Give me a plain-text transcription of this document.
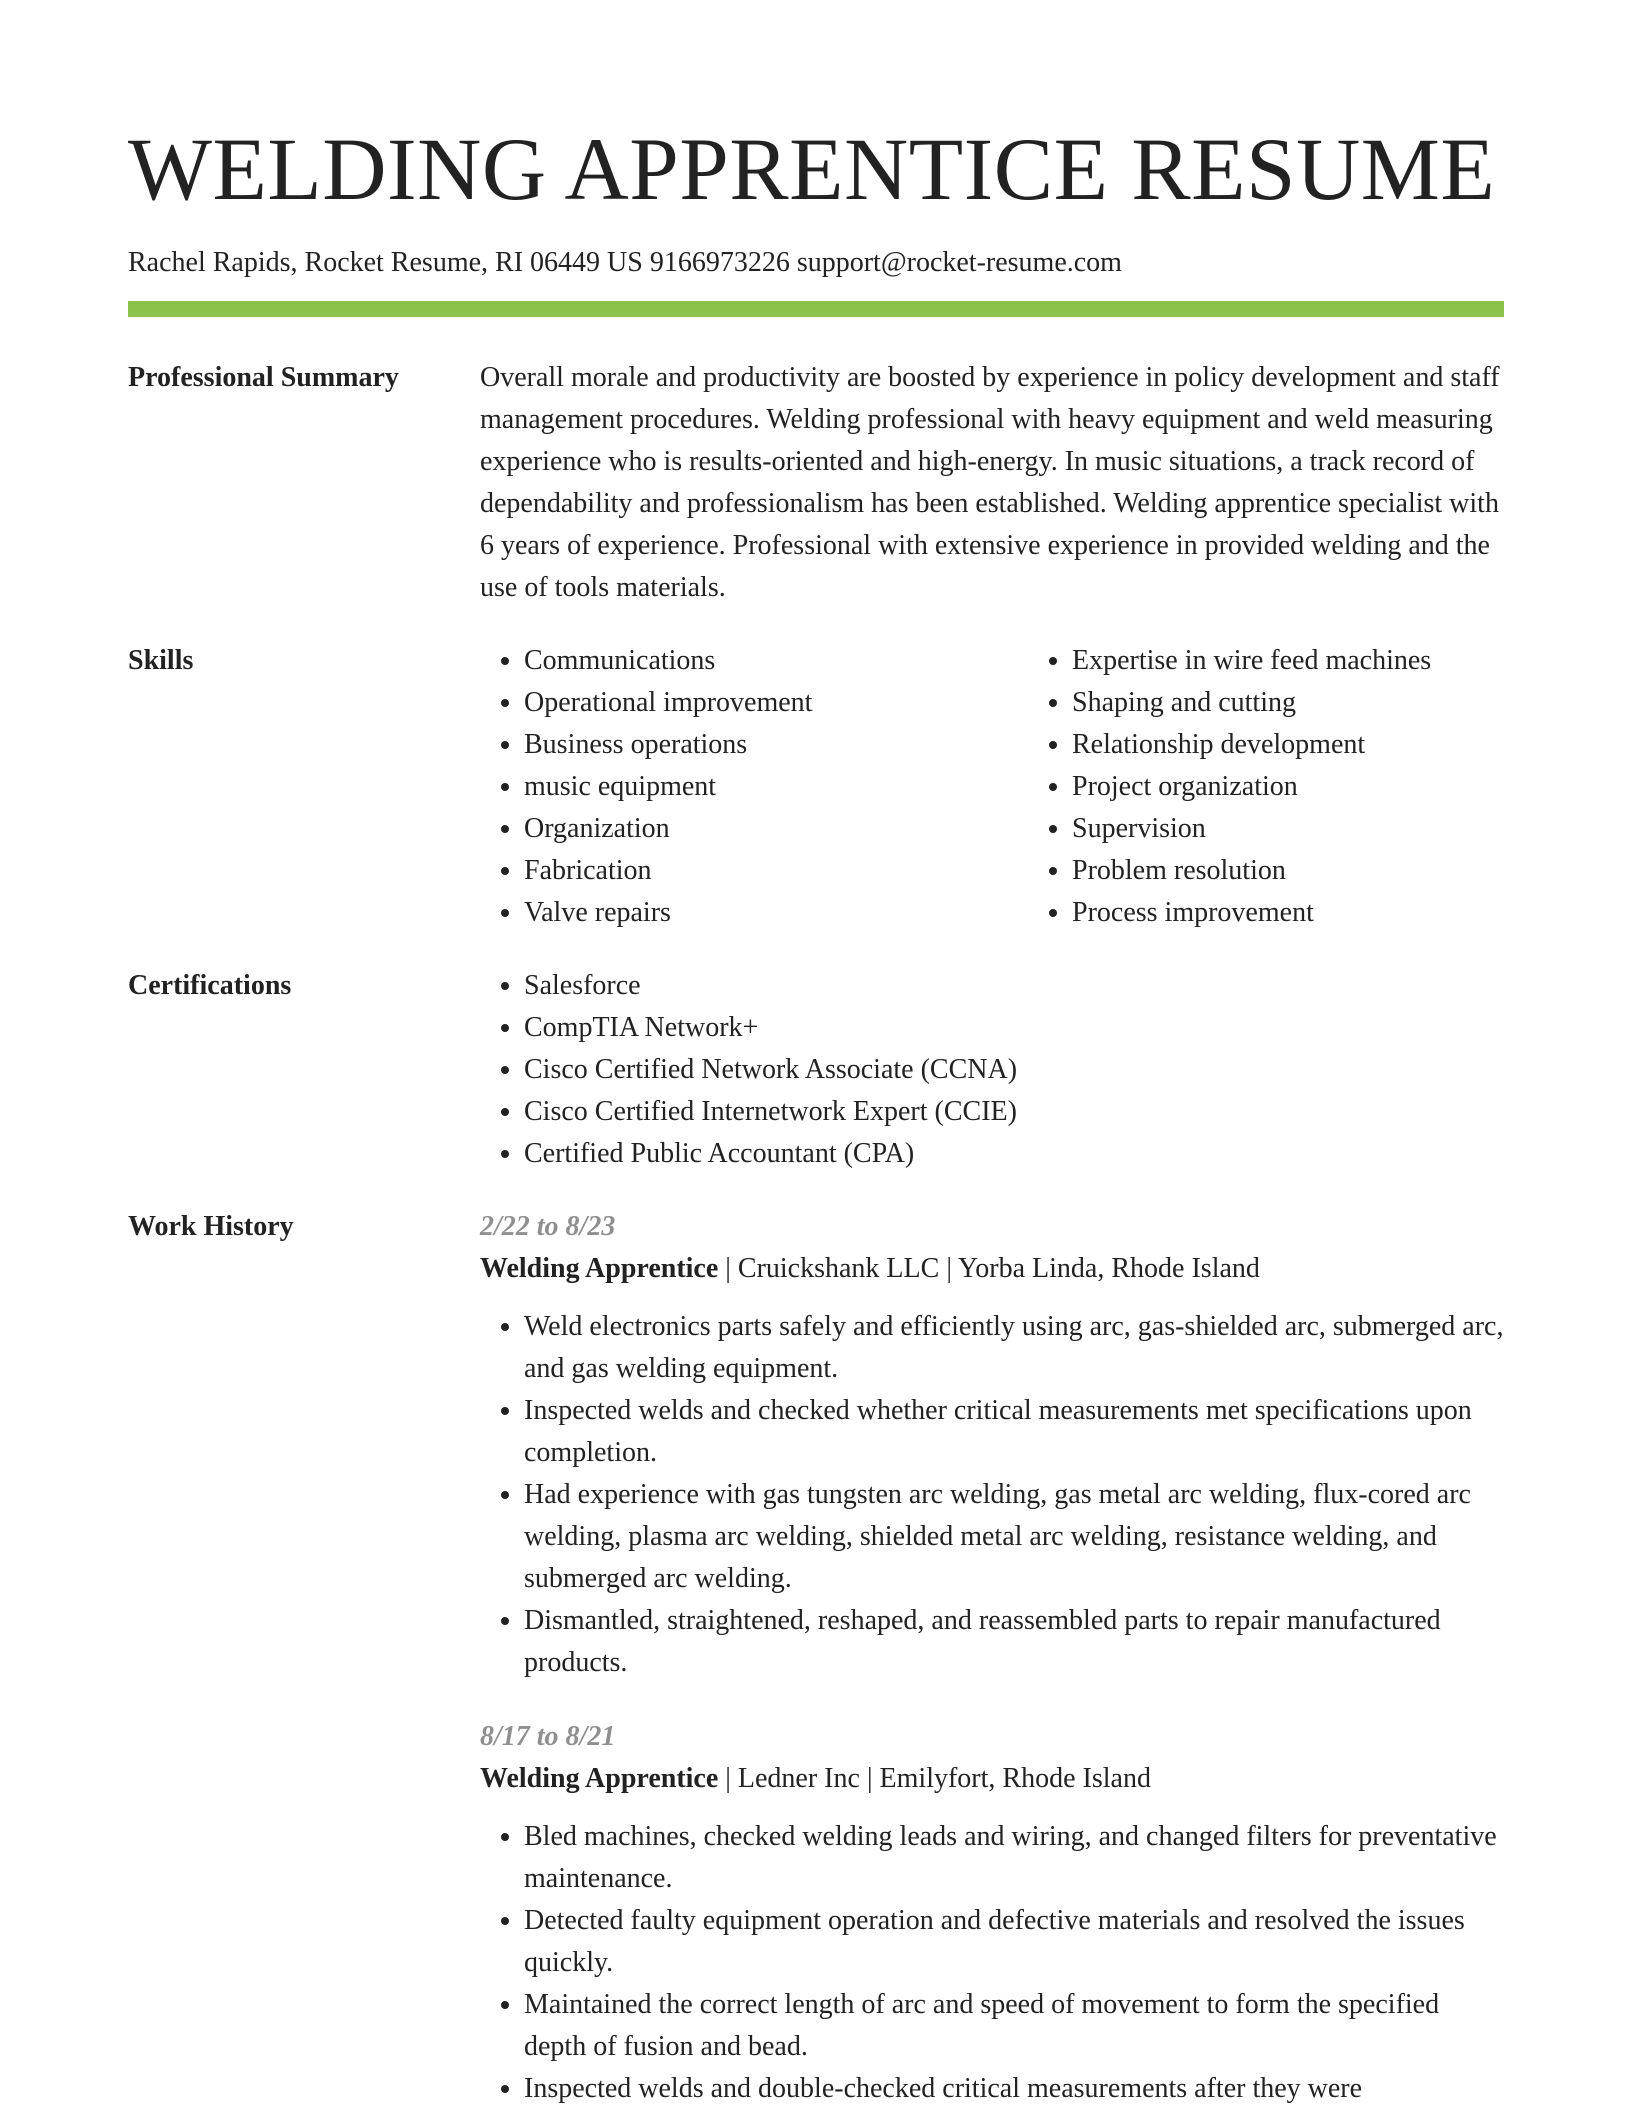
WELDING APPRENTICE RESUME
Rachel Rapids, Rocket Resume, RI 06449 US 9166973226 support@rocket-resume.com
Professional Summary	Overall morale and productivity are boosted by experience in policy development and staff management procedures. Welding professional with heavy equipment and weld measuring experience who is results-oriented and high-energy. In music situations, a track record of dependability and professionalism has been established. Welding apprentice specialist with 6 years of experience. Professional with extensive experience in provided welding and the use of tools materials.

Skills	• Communications
• Operational improvement
• Business operations
• music equipment
• Organization
• Fabrication
• Valve repairs
• Expertise in wire feed machines
• Shaping and cutting
• Relationship development
• Project organization
• Supervision
• Problem resolution
• Process improvement
Certifications	• Salesforce
• CompTIA Network+
• Cisco Certified Network Associate (CCNA)
• Cisco Certified Internetwork Expert (CCIE)
• Certified Public Accountant (CPA)
Work History	2/22 to 8/23
Welding Apprentice | Cruickshank LLC | Yorba Linda, Rhode Island
• Weld electronics parts safely and efficiently using arc, gas-shielded arc, submerged arc, and gas welding equipment.
• Inspected welds and checked whether critical measurements met specifications upon completion.
• Had experience with gas tungsten arc welding, gas metal arc welding, flux-cored arc welding, plasma arc welding, shielded metal arc welding, resistance welding, and submerged arc welding.
• Dismantled, straightened, reshaped, and reassembled parts to repair manufactured products.
8/17 to 8/21
Welding Apprentice | Ledner Inc | Emilyfort, Rhode Island
• Bled machines, checked welding leads and wiring, and changed filters for preventative maintenance.
• Detected faulty equipment operation and defective materials and resolved the issues quickly.
• Maintained the correct length of arc and speed of movement to form the specified depth of fusion and bead.
• Inspected welds and double-checked critical measurements after they were
